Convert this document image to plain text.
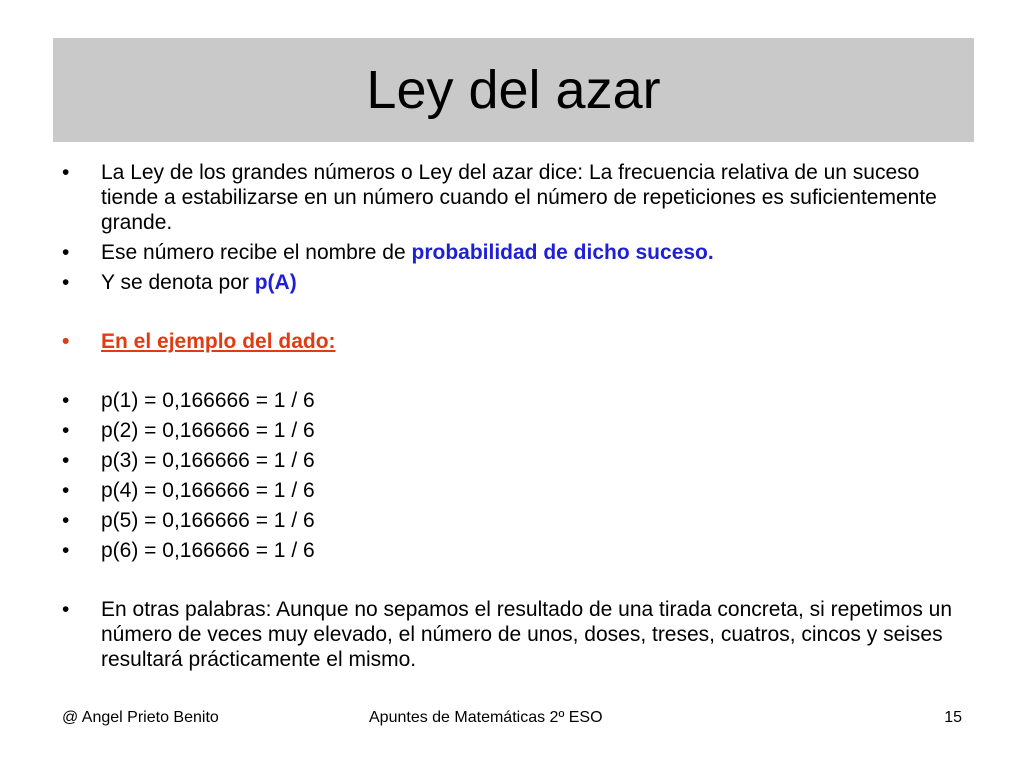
Ley del azar

• La Ley de los grandes números o Ley del azar dice: La frecuencia relativa de un suceso tiende a estabilizarse en un número cuando el número de repeticiones es suficientemente grande.

• Ese número recibe el nombre de probabilidad de dicho suceso.

• Y se denota por p(A)

• En el ejemplo del dado:

• p(1) = 0,166666 = 1 / 6

• p(2) = 0,166666 = 1 / 6

• p(3) = 0,166666 = 1 / 6

• p(4) = 0,166666 = 1 / 6

• p(5) = 0,166666 = 1 / 6

• p(6) = 0,166666 = 1 / 6

• En otras palabras: Aunque no sepamos el resultado de una tirada concreta, si repetimos un número de veces muy elevado, el número de unos, doses, treses, cuatros, cincos y seises resultará prácticamente el mismo.

@ Angel Prieto Benito	Apuntes de Matemáticas 2º ESO	15
